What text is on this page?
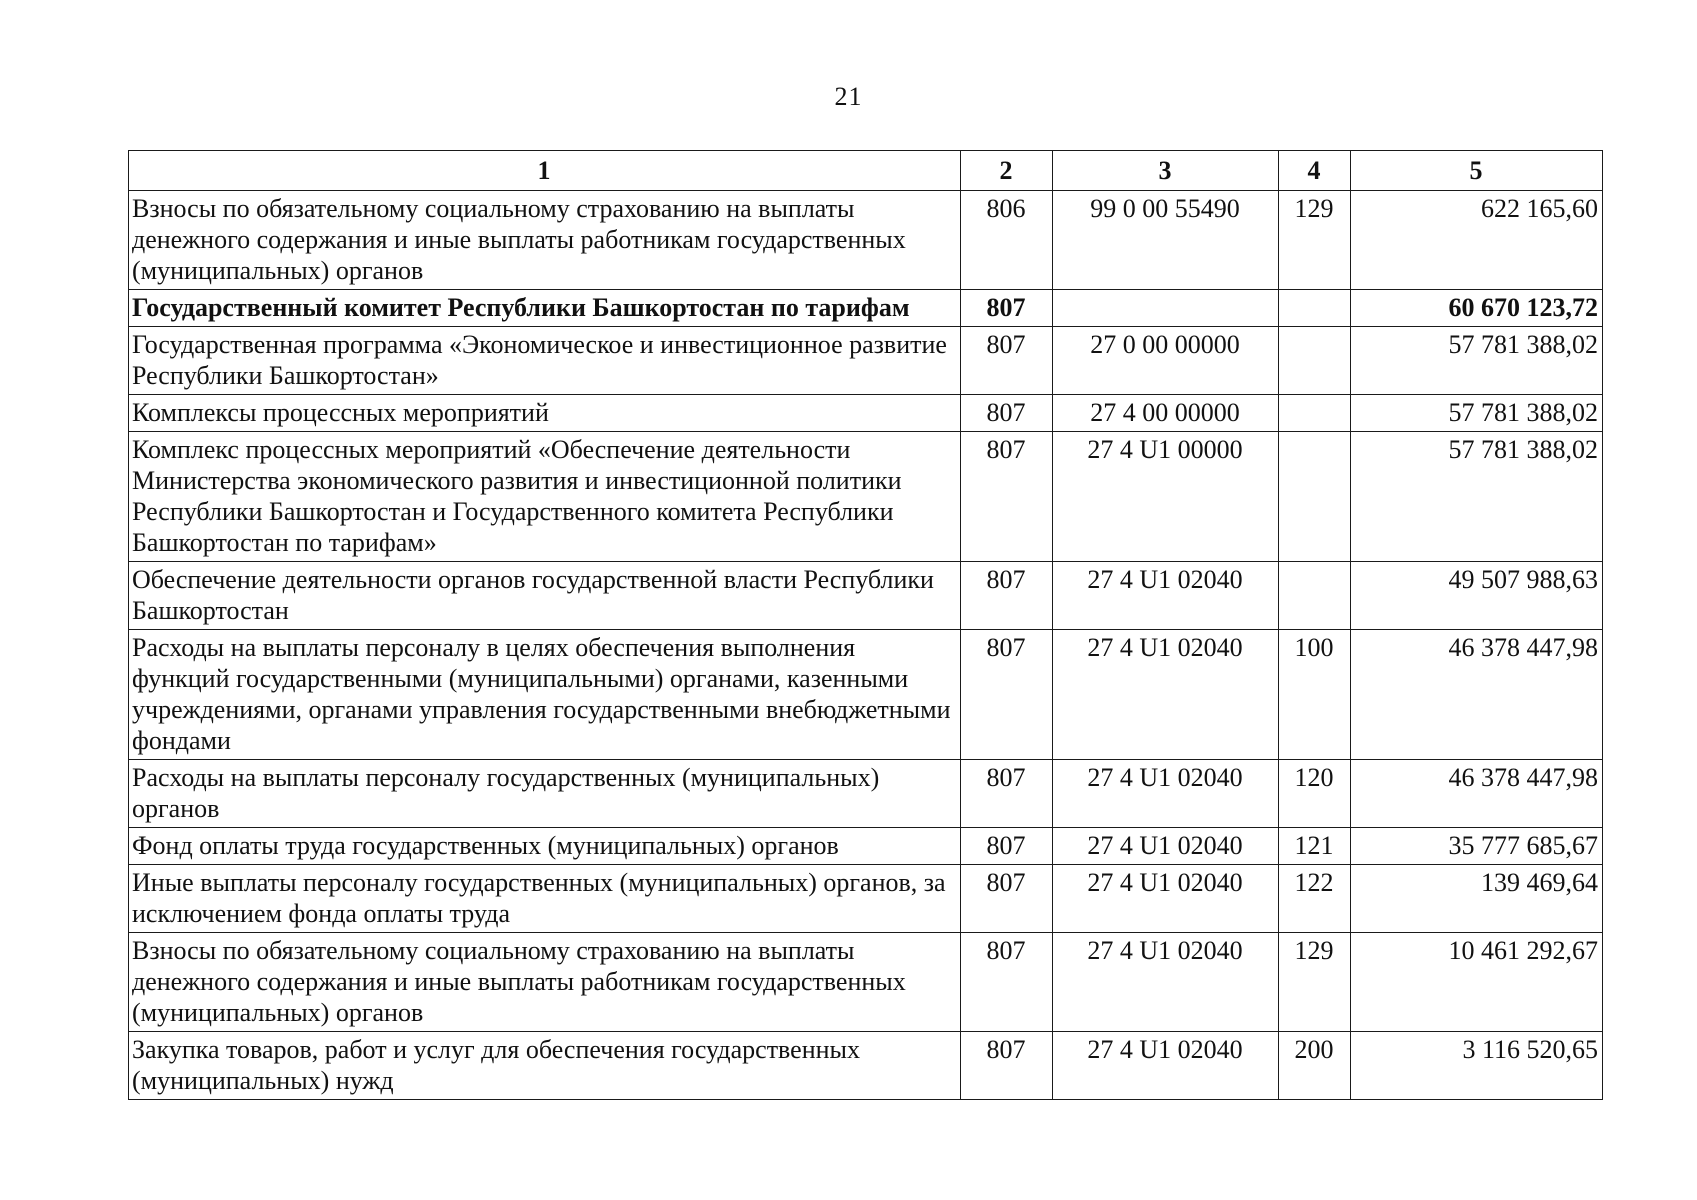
21
1	2	3	4	5
Взносы по обязательному социальному страхованию на выплаты денежного содержания и иные выплаты работникам государственных (муниципальных) органов	806	99 0 00 55490	129	622 165,60
Государственный комитет Республики Башкортостан по тарифам	807			60 670 123,72
Государственная программа «Экономическое и инвестиционное развитие Республики Башкортостан»	807	27 0 00 00000		57 781 388,02
Комплексы процессных мероприятий	807	27 4 00 00000		57 781 388,02
Комплекс процессных мероприятий «Обеспечение деятельности Министерства экономического развития и инвестиционной политики Республики Башкортостан и Государственного комитета Республики Башкортостан по тарифам»	807	27 4 U1 00000		57 781 388,02
Обеспечение деятельности органов государственной власти Республики Башкортостан	807	27 4 U1 02040		49 507 988,63
Расходы на выплаты персоналу в целях обеспечения выполнения функций государственными (муниципальными) органами, казенными учреждениями, органами управления государственными внебюджетными фондами	807	27 4 U1 02040	100	46 378 447,98
Расходы на выплаты персоналу государственных (муниципальных) органов	807	27 4 U1 02040	120	46 378 447,98
Фонд оплаты труда государственных (муниципальных) органов	807	27 4 U1 02040	121	35 777 685,67
Иные выплаты персоналу государственных (муниципальных) органов, за исключением фонда оплаты труда	807	27 4 U1 02040	122	139 469,64
Взносы по обязательному социальному страхованию на выплаты денежного содержания и иные выплаты работникам государственных (муниципальных) органов	807	27 4 U1 02040	129	10 461 292,67
Закупка товаров, работ и услуг для обеспечения государственных (муниципальных) нужд	807	27 4 U1 02040	200	3 116 520,65
